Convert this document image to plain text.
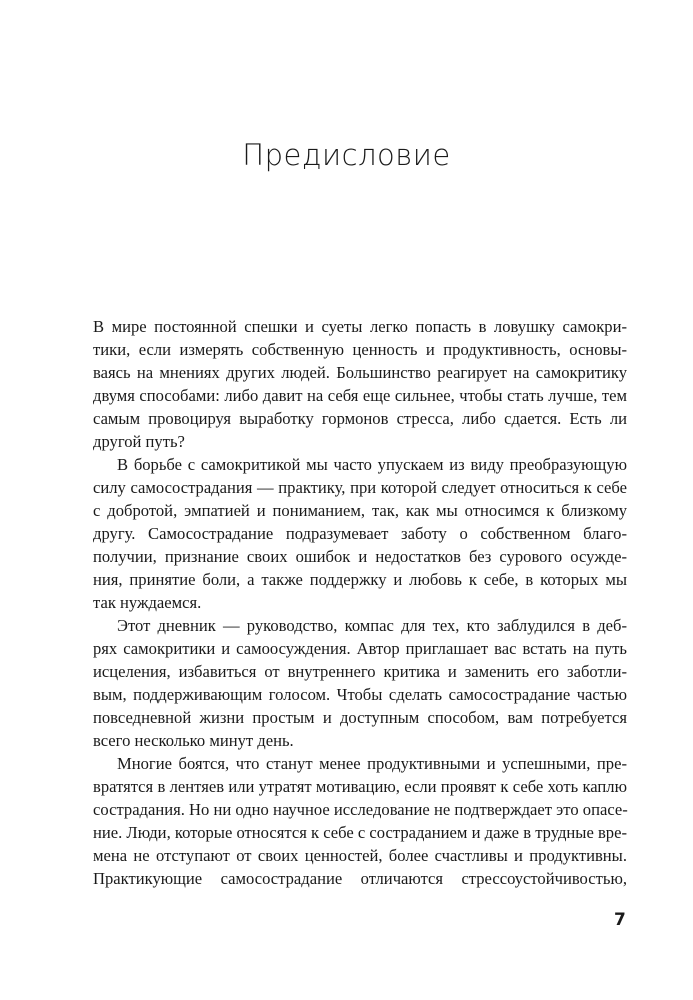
Предисловие
В мире постоянной спешки и суеты легко попасть в ловушку самокри-
тики, если измерять собственную ценность и продуктивность, основы-
ваясь на мнениях других людей. Большинство реагирует на самокритику
двумя способами: либо давит на себя еще сильнее, чтобы стать лучше, тем
самым провоцируя выработку гормонов стресса, либо сдается. Есть ли
другой путь?
В борьбе с самокритикой мы часто упускаем из виду преобразующую
силу самосострадания — практику, при которой следует относиться к себе
с добротой, эмпатией и пониманием, так, как мы относимся к близкому
другу. Самосострадание подразумевает заботу о собственном благо-
получии, признание своих ошибок и недостатков без сурового осужде-
ния, принятие боли, а также поддержку и любовь к себе, в которых мы
так нуждаемся.
Этот дневник — руководство, компас для тех, кто заблудился в деб-
рях самокритики и самоосуждения. Автор приглашает вас встать на путь
исцеления, избавиться от внутреннего критика и заменить его заботли-
вым, поддерживающим голосом. Чтобы сделать самосострадание частью
повседневной жизни простым и доступным способом, вам потребуется
всего несколько минут день.
Многие боятся, что станут менее продуктивными и успешными, пре-
вратятся в лентяев или утратят мотивацию, если проявят к себе хоть каплю
сострадания. Но ни одно научное исследование не подтверждает это опасе-
ние. Люди, которые относятся к себе с состраданием и даже в трудные вре-
мена не отступают от своих ценностей, более счастливы и продуктивны.
Практикующие самосострадание отличаются стрессоустойчивостью,
7
